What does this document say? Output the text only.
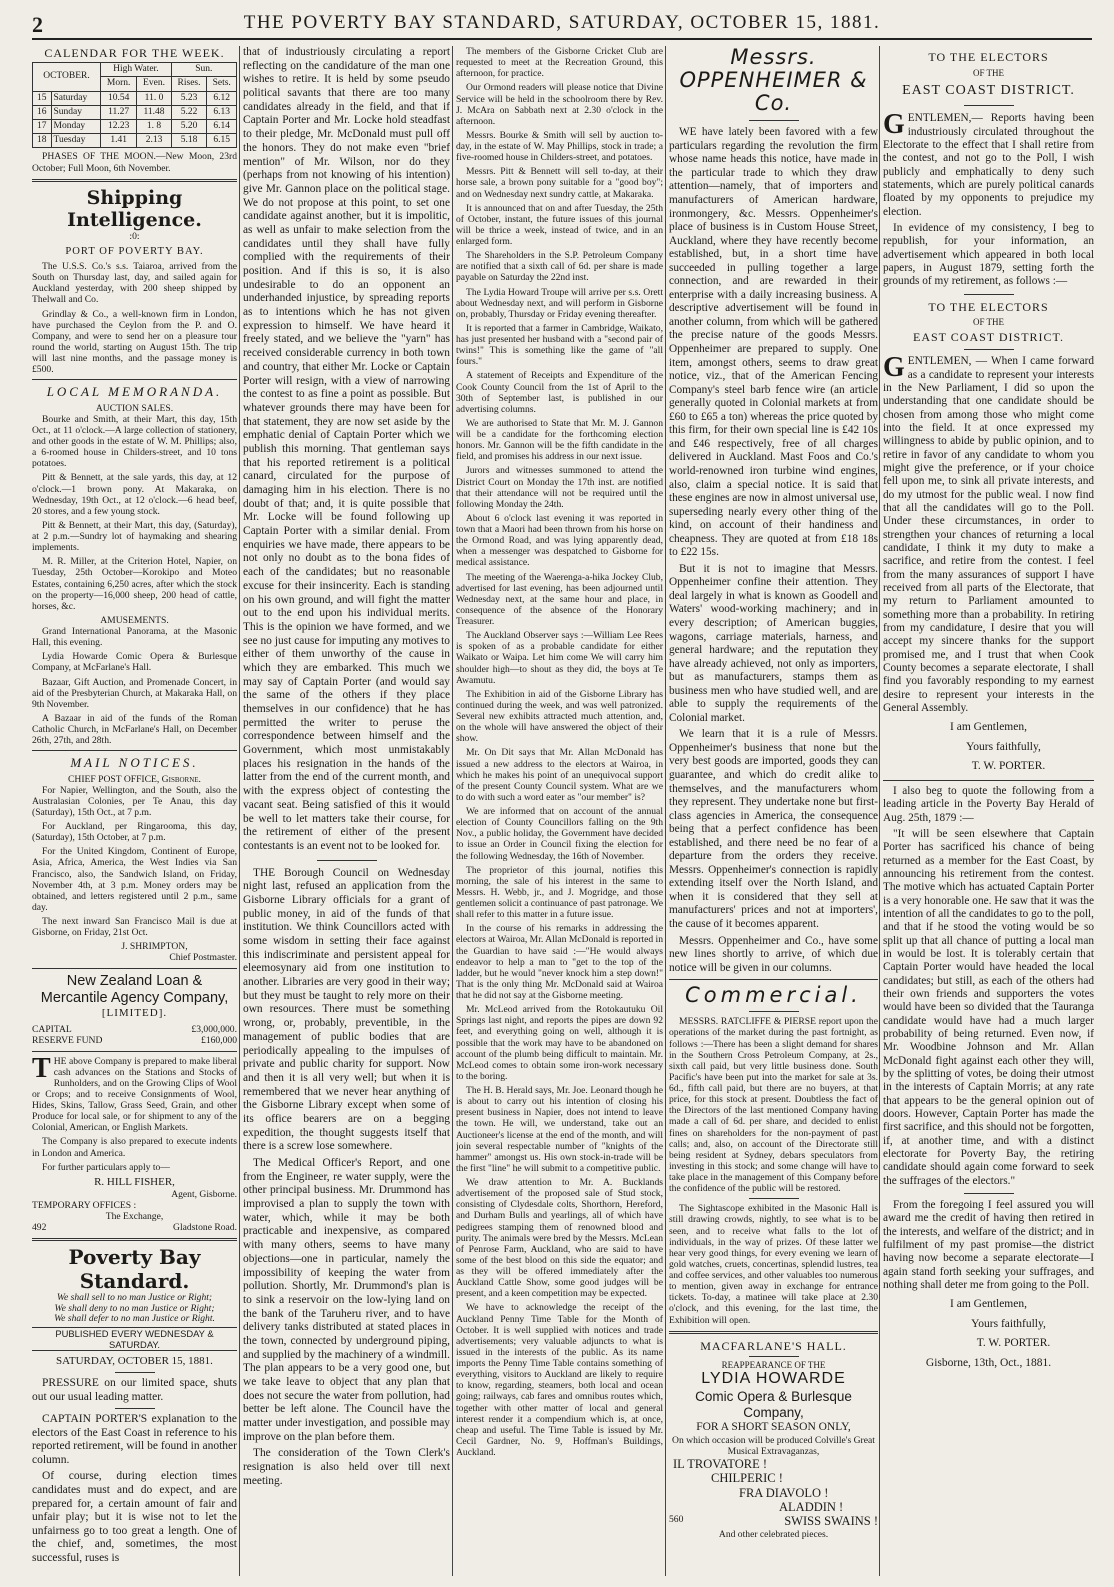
2	THE POVERTY BAY STANDARD, SATURDAY, OCTOBER 15, 1881.
CALENDAR FOR THE WEEK.
OCTOBER.		High Water.		Sun.	
		Morn.	Even.	Rises.	Sets.
15	Saturday	10.54	11. 0	5.23	6.12
16	Sunday	11.27	11.48	5.22	6.13
17	Monday	12.23	1. 8	5.20	6.14
18	Tuesday	1.41	2.13	5.18	6.15

PHASES OF THE MOON.—New Moon, 23rd October; Full Moon, 6th November.

Shipping Intelligence.
:0:
PORT OF POVERTY BAY.

The U.S.S. Co.'s s.s. Taiaroa, arrived from the South on Thursday last, day, and sailed again for Auckland yesterday, with 200 sheep shipped by Thelwall and Co.

Grindlay & Co., a well-known firm in London, have purchased the Ceylon from the P. and O. Company, and were to send her on a pleasure tour round the world, starting on August 15th. The trip will last nine months, and the passage money is £500.

LOCAL MEMORANDA.
AUCTION SALES.

Bourke and Smith, at their Mart, this day, 15th Oct., at 11 o'clock.—A large collection of stationery, and other goods in the estate of W. M. Phillips; also, a 6-roomed house in Childers-street, and 10 tons potatoes.

Pitt & Bennett, at the sale yards, this day, at 12 o'clock.—1 brown pony. At Makaraka, on Wednesday, 19th Oct., at 12 o'clock.—6 head beef, 20 stores, and a few young stock.

Pitt & Bennett, at their Mart, this day, (Saturday), at 2 p.m.—Sundry lot of haymaking and shearing implements.

M. R. Miller, at the Criterion Hotel, Napier, on Tuesday, 25th October—Korokipo and Moteo Estates, containing 6,250 acres, after which the stock on the property—16,000 sheep, 200 head of cattle, horses, &c.

AMUSEMENTS.

Grand International Panorama, at the Masonic Hall, this evening.

Lydia Howarde Comic Opera & Burlesque Company, at McFarlane's Hall.

Bazaar, Gift Auction, and Promenade Concert, in aid of the Presbyterian Church, at Makaraka Hall, on 9th November.

A Bazaar in aid of the funds of the Roman Catholic Church, in McFarlane's Hall, on December 26th, 27th, and 28th.

MAIL NOTICES.
CHIEF POST OFFICE, Gisborne.

For Napier, Wellington, and the South, also the Australasian Colonies, per Te Anau, this day (Saturday), 15th Oct., at 7 p.m.

For Auckland, per Ringarooma, this day, (Saturday), 15th October, at 7 p.m.

For the United Kingdom, Continent of Europe, Asia, Africa, America, the West Indies via San Francisco, also, the Sandwich Island, on Friday, November 4th, at 3 p.m. Money orders may be obtained, and letters registered until 2 p.m., same day.

The next inward San Francisco Mail is due at Gisborne, on Friday, 21st Oct.

J. SHRIMPTON,
Chief Postmaster.
New Zealand Loan & Mercantile Agency Company,
[LIMITED].
CAPITAL	£3,000,000.
RESERVE FUND	£160,000

THE above Company is prepared to make liberal cash advances on the Stations and Stocks of Runholders, and on the Growing Clips of Wool or Crops; and to receive Consignments of Wool, Hides, Skins, Tallow, Grass Seed, Grain, and other Produce for local sale, or for shipment to any of the Colonial, American, or English Markets.

The Company is also prepared to execute indents in London and America.

For further particulars apply to—

R. HILL FISHER,
Agent, Gisborne.
TEMPORARY OFFICES :
The Exchange,
492	Gladstone Road.
Poverty Bay Standard.
We shall sell to no man Justice or Right;
We shall deny to no man Justice or Right;
We shall defer to no man Justice or Right.
PUBLISHED EVERY WEDNESDAY & SATURDAY.
SATURDAY, OCTOBER 15, 1881.

PRESSURE on our limited space, shuts out our usual leading matter.

CAPTAIN PORTER'S explanation to the electors of the East Coast in reference to his reported retirement, will be found in another column.

Of course, during election times candidates must and do expect, and are prepared for, a certain amount of fair and unfair play; but it is wise not to let the unfairness go to too great a length. One of the chief, and, sometimes, the most successful, ruses is

that of industriously circulating a report reflecting on the candidature of the man one wishes to retire. It is held by some pseudo political savants that there are too many candidates already in the field, and that if Captain Porter and Mr. Locke hold steadfast to their pledge, Mr. McDonald must pull off the honors. They do not make even "brief mention" of Mr. Wilson, nor do they (perhaps from not knowing of his intention) give Mr. Gannon place on the political stage. We do not propose at this point, to set one candidate against another, but it is impolitic, as well as unfair to make selection from the candidates until they shall have fully complied with the requirements of their position. And if this is so, it is also undesirable to do an opponent an underhanded injustice, by spreading reports as to intentions which he has not given expression to himself. We have heard it freely stated, and we believe the "yarn" has received considerable currency in both town and country, that either Mr. Locke or Captain Porter will resign, with a view of narrowing the contest to as fine a point as possible. But whatever grounds there may have been for that statement, they are now set aside by the emphatic denial of Captain Porter which we publish this morning. That gentleman says that his reported retirement is a political canard, circulated for the purpose of damaging him in his election. There is no doubt of that; and, it is quite possible that Mr. Locke will be found following up Captain Porter with a similar denial. From enquiries we have made, there appears to be not only no doubt as to the bona fides of each of the candidates; but no reasonable excuse for their insincerity. Each is standing on his own ground, and will fight the matter out to the end upon his individual merits. This is the opinion we have formed, and we see no just cause for imputing any motives to either of them unworthy of the cause in which they are embarked. This much we may say of Captain Porter (and would say the same of the others if they place themselves in our confidence) that he has permitted the writer to peruse the correspondence between himself and the Government, which most unmistakably places his resignation in the hands of the latter from the end of the current month, and with the express object of contesting the vacant seat. Being satisfied of this it would be well to let matters take their course, for the retirement of either of the present contestants is an event not to be looked for.

THE Borough Council on Wednesday night last, refused an application from the Gisborne Library officials for a grant of public money, in aid of the funds of that institution. We think Councillors acted with some wisdom in setting their face against this indiscriminate and persistent appeal for eleemosynary aid from one institution to another. Libraries are very good in their way; but they must be taught to rely more on their own resources. There must be something wrong, or, probably, preventible, in the management of public bodies that are periodically appealing to the impulses of private and public charity for support. Now and then it is all very well; but when it is remembered that we never hear anything of the Gisborne Library except when some of its office bearers are on a begging expedition, the thought suggests itself that there is a screw lose somewhere.

The Medical Officer's Report, and one from the Engineer, re water supply, were the other principal business. Mr. Drummond has improvised a plan to supply the town with water, which, while it may be both practicable and inexpensive, as compared with many others, seems to have many objections—one in particular, namely the impossibility of keeping the water from pollution. Shortly, Mr. Drummond's plan is to sink a reservoir on the low-lying land on the bank of the Taruheru river, and to have delivery tanks distributed at stated places in the town, connected by underground piping, and supplied by the machinery of a windmill. The plan appears to be a very good one, but we take leave to object that any plan that does not secure the water from pollution, had better be left alone. The Council have the matter under investigation, and possible may improve on the plan before them.

The consideration of the Town Clerk's resignation is also held over till next meeting.

The members of the Gisborne Cricket Club are requested to meet at the Recreation Ground, this afternoon, for practice.

Our Ormond readers will please notice that Divine Service will be held in the schoolroom there by Rev. J. McAra on Sabbath next at 2.30 o'clock in the afternoon.

Messrs. Bourke & Smith will sell by auction to-day, in the estate of W. May Phillips, stock in trade; a five-roomed house in Childers-street, and potatoes.

Messrs. Pitt & Bennett will sell to-day, at their horse sale, a brown pony suitable for a "good boy"; and on Wednesday next sundry cattle, at Makaraka.

It is announced that on and after Tuesday, the 25th of October, instant, the future issues of this journal will be thrice a week, instead of twice, and in an enlarged form.

The Shareholders in the S.P. Petroleum Company are notified that a sixth call of 6d. per share is made payable on Saturday the 22nd inst.

The Lydia Howard Troupe will arrive per s.s. Orett about Wednesday next, and will perform in Gisborne on, probably, Thursday or Friday evening thereafter.

It is reported that a farmer in Cambridge, Waikato, has just presented her husband with a "second pair of twins!" This is something like the game of "all fours."

A statement of Receipts and Expenditure of the Cook County Council from the 1st of April to the 30th of September last, is published in our advertising columns.

We are authorised to State that Mr. M. J. Gannon will be a candidate for the forthcoming election honors. Mr. Gannon will be the fifth candidate in the field, and promises his address in our next issue.

Jurors and witnesses summoned to attend the District Court on Monday the 17th inst. are notified that their attendance will not be required until the following Monday the 24th.

About 6 o'clock last evening it was reported in town that a Maori had been thrown from his horse on the Ormond Road, and was lying apparently dead, when a messenger was despatched to Gisborne for medical assistance.

The meeting of the Waerenga-a-hika Jockey Club, advertised for last evening, has been adjourned until Wednesday next, at the same hour and place, in consequence of the absence of the Honorary Treasurer.

The Auckland Observer says :—William Lee Rees is spoken of as a probable candidate for either Waikato or Waipa. Let him come We will carry him shoulder high—to shout as they did, the boys at Te Awamutu.

The Exhibition in aid of the Gisborne Library has continued during the week, and was well patronized. Several new exhibits attracted much attention, and, on the whole will have answered the object of their show.

Mr. On Dit says that Mr. Allan McDonald has issued a new address to the electors at Wairoa, in which he makes his point of an unequivocal support of the present County Council system. What are we to do with such a word eater as "our member" is?

We are informed that on account of the annual election of County Councillors falling on the 9th Nov., a public holiday, the Government have decided to issue an Order in Council fixing the election for the following Wednesday, the 16th of November.

The proprietor of this journal, notifies this morning, the sale of his interest in the same to Messrs. H. Webb, jr., and J. Mogridge, and those gentlemen solicit a continuance of past patronage. We shall refer to this matter in a future issue.

In the course of his remarks in addressing the electors at Wairoa, Mr. Allan McDonald is reported in the Guardian to have said :—"He would always endeavor to help a man to "get to the top of the ladder, but he would "never knock him a step down!" That is the only thing Mr. McDonald said at Wairoa that he did not say at the Gisborne meeting.

Mr. McLeod arrived from the Rotokautuku Oil Springs last night, and reports the pipes are down 92 feet, and everything going on well, although it is possible that the work may have to be abandoned on account of the plumb being difficult to maintain. Mr. McLeod comes to obtain some iron-work necessary to the boring.

The H. B. Herald says, Mr. Joe. Leonard though he is about to carry out his intention of closing his present business in Napier, does not intend to leave the town. He will, we understand, take out an Auctioneer's license at the end of the month, and will join several respectable number of "knights of the hammer" amongst us. His own stock-in-trade will be the first "line" he will submit to a competitive public.

We draw attention to Mr. A. Bucklands advertisement of the proposed sale of Stud stock, consisting of Clydesdale colts, Shorthorn, Hereford, and Durham Bulls and yearlings, all of which have pedigrees stamping them of renowned blood and purity. The animals were bred by the Messrs. McLean of Penrose Farm, Auckland, who are said to have some of the best blood on this side the equator; and as they will be offered immediately after the Auckland Cattle Show, some good judges will be present, and a keen competition may be expected.

We have to acknowledge the receipt of the Auckland Penny Time Table for the Month of October. It is well supplied with notices and trade advertisements; very valuable adjuncts to what is issued in the interests of the public. As its name imports the Penny Time Table contains something of everything, visitors to Auckland are likely to require to know, regarding, steamers, both local and ocean going; railways, cab fares and omnibus routes which, together with other matter of local and general interest render it a compendium which is, at once, cheap and useful. The Time Table is issued by Mr. Cecil Gardner, No. 9, Hoffman's Buildings, Auckland.

Messrs.
OPPENHEIMER & Co.

WE have lately been favored with a few particulars regarding the revolution the firm whose name heads this notice, have made in the particular trade to which they draw attention—namely, that of importers and manufacturers of American hardware, ironmongery, &c. Messrs. Oppenheimer's place of business is in Custom House Street, Auckland, where they have recently become established, but, in a short time have succeeded in pulling together a large connection, and are rewarded in their enterprise with a daily increasing business. A descriptive advertisement will be found in another column, from which will be gathered the precise nature of the goods Messrs. Oppenheimer are prepared to supply. One item, amongst others, seems to draw great notice, viz., that of the American Fencing Company's steel barb fence wire (an article generally quoted in Colonial markets at from £60 to £65 a ton) whereas the price quoted by this firm, for their own special line is £42 10s and £46 respectively, free of all charges delivered in Auckland. Mast Foos and Co.'s world-renowned iron turbine wind engines, also, claim a special notice. It is said that these engines are now in almost universal use, superseding nearly every other thing of the kind, on account of their handiness and cheapness. They are quoted at from £18 18s to £22 15s.

But it is not to imagine that Messrs. Oppenheimer confine their attention. They deal largely in what is known as Goodell and Waters' wood-working machinery; and in every description; of American buggies, wagons, carriage materials, harness, and general hardware; and the reputation they have already achieved, not only as importers, but as manufacturers, stamps them as business men who have studied well, and are able to supply the requirements of the Colonial market.

We learn that it is a rule of Messrs. Oppenheimer's business that none but the very best goods are imported, goods they can guarantee, and which do credit alike to themselves, and the manufacturers whom they represent. They undertake none but first-class agencies in America, the consequence being that a perfect confidence has been established, and there need be no fear of a departure from the orders they receive. Messrs. Oppenheimer's connection is rapidly extending itself over the North Island, and when it is considered that they sell at manufacturers' prices and not at importers', the cause of it becomes apparent.

Messrs. Oppenheimer and Co., have some new lines shortly to arrive, of which due notice will be given in our columns.

Commercial.

MESSRS. RATCLIFFE & PIERSE report upon the operations of the market during the past fortnight, as follows :—There has been a slight demand for shares in the Southern Cross Petroleum Company, at 2s., sixth call paid, but very little business done. South Pacific's have been put into the market for sale at 3s. 6d., fifth call paid, but there are no buyers, at that price, for this stock at present. Doubtless the fact of the Directors of the last mentioned Company having made a call of 6d. per share, and decided to enlist fines on shareholders for the non-payment of past calls; and, also, on account of the Directorate still being resident at Sydney, debars speculators from investing in this stock; and some change will have to take place in the management of this Company before the confidence of the public will be restored.

The Sightascope exhibited in the Masonic Hall is still drawing crowds, nightly, to see what is to be seen, and to receive what falls to the lot of individuals, in the way of prizes. Of these latter we hear very good things, for every evening we learn of gold watches, cruets, concertinas, splendid lustres, tea and coffee services, and other valuables too numerous to mention, given away in exchange for entrance tickets. To-day, a matinee will take place at 2.30 o'clock, and this evening, for the last time, the Exhibition will open.

MACFARLANE'S HALL.
REAPPEARANCE OF THE
LYDIA HOWARDE
Comic Opera & Burlesque Company,
FOR A SHORT SEASON ONLY,
On which occasion will be produced Colville's Great Musical Extravaganzas,
IL TROVATORE !
CHILPERIC !
FRA DIAVOLO !
ALADDIN !
560	SWISS SWAINS !
And other celebrated pieces.
TO THE ELECTORS
OF THE
EAST COAST DISTRICT.

GENTLEMEN,— Reports having been industriously circulated throughout the Electorate to the effect that I shall retire from the contest, and not go to the Poll, I wish publicly and emphatically to deny such statements, which are purely political canards floated by my opponents to prejudice my election.

In evidence of my consistency, I beg to republish, for your information, an advertisement which appeared in both local papers, in August 1879, setting forth the grounds of my retirement, as follows :—

TO THE ELECTORS
OF THE
EAST COAST DISTRICT.

GENTLEMEN, — When I came forward as a candidate to represent your interests in the New Parliament, I did so upon the understanding that one candidate should be chosen from among those who might come into the field. It at once expressed my willingness to abide by public opinion, and to retire in favor of any candidate to whom you might give the preference, or if your choice fell upon me, to sink all private interests, and do my utmost for the public weal. I now find that all the candidates will go to the Poll. Under these circumstances, in order to strengthen your chances of returning a local candidate, I think it my duty to make a sacrifice, and retire from the contest. I feel from the many assurances of support I have received from all parts of the Electorate, that my return to Parliament amounted to something more than a probability. In retiring from my candidature, I desire that you will accept my sincere thanks for the support promised me, and I trust that when Cook County becomes a separate electorate, I shall find you favorably responding to my earnest desire to represent your interests in the General Assembly.

I am Gentlemen,
Yours faithfully,
T. W. PORTER.

I also beg to quote the following from a leading article in the Poverty Bay Herald of Aug. 25th, 1879 :—

"It will be seen elsewhere that Captain Porter has sacrificed his chance of being returned as a member for the East Coast, by announcing his retirement from the contest. The motive which has actuated Captain Porter is a very honorable one. He saw that it was the intention of all the candidates to go to the poll, and that if he stood the voting would be so split up that all chance of putting a local man in would be lost. It is tolerably certain that Captain Porter would have headed the local candidates; but still, as each of the others had their own friends and supporters the votes would have been so divided that the Tauranga candidate would have had a much larger probability of being returned. Even now, if Mr. Woodbine Johnson and Mr. Allan McDonald fight against each other they will, by the splitting of votes, be doing their utmost in the interests of Captain Morris; at any rate that appears to be the general opinion out of doors. However, Captain Porter has made the first sacrifice, and this should not be forgotten, if, at another time, and with a distinct electorate for Poverty Bay, the retiring candidate should again come forward to seek the suffrages of the electors."

From the foregoing I feel assured you will award me the credit of having then retired in the interests, and welfare of the district; and in fulfilment of my past promise—the district having now become a separate electorate—I again stand forth seeking your suffrages, and nothing shall deter me from going to the Poll.

I am Gentlemen,
Yours faithfully,
T. W. PORTER.
Gisborne, 13th, Oct., 1881.
